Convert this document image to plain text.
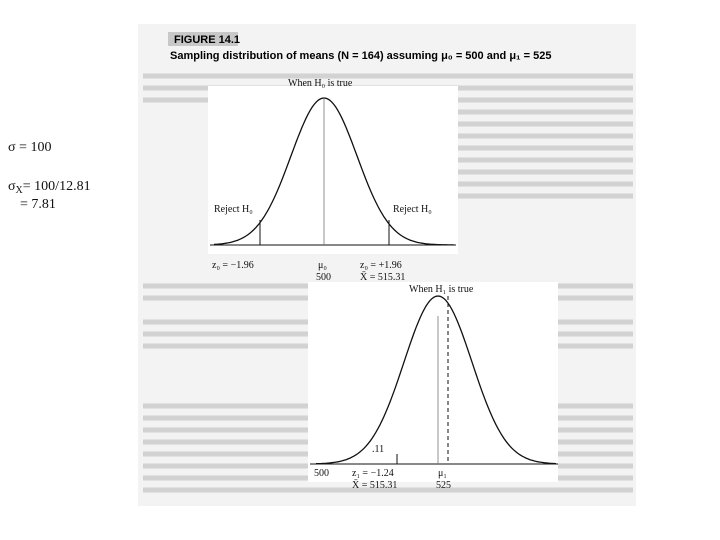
σ = 100
$\sigma_X= 100/12.81$
= 7.81
FIGURE 14.1
Sampling distribution of means (N = 164) assuming μ₀ = 500 and μ₁ = 525
When H₀ is true
Reject H₀	Reject H₀
z₀ = −1.96	μ₀
500
z₀ = +1.96
X̄ = 515.31
When H₁ is true
.11
500 z₁ = −1.24
X̄ = 515.31
μ₁
525
